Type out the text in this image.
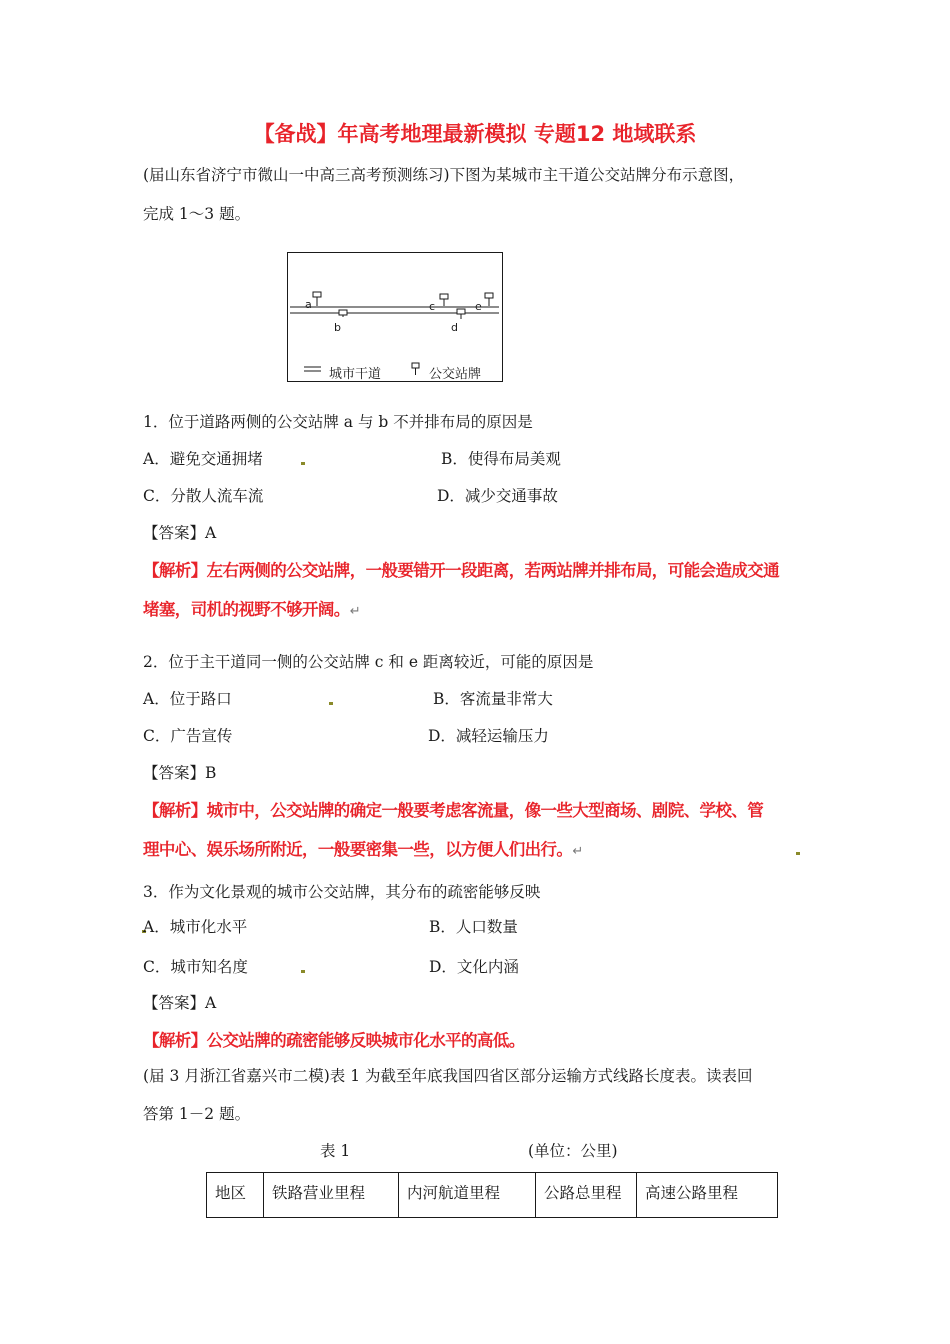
【备战】年高考地理最新模拟 专题12 地域联系
(届山东省济宁市微山一中高三高考预测练习)下图为某城市主干道公交站牌分布示意图，
完成 1～3 题。
a
b
c
d
e
城市干道	公交站牌
1．位于道路两侧的公交站牌 a 与 b 不并排布局的原因是
A．避免交通拥堵	B．使得布局美观
C．分散人流车流	D．减少交通事故
【答案】A
【解析】左右两侧的公交站牌，一般要错开一段距离，若两站牌并排布局，可能会造成交通
堵塞，司机的视野不够开阔。↵
2．位于主干道同一侧的公交站牌 c 和 e 距离较近，可能的原因是
A．位于路口	B．客流量非常大
C．广告宣传	D．减轻运输压力
【答案】B
【解析】城市中，公交站牌的确定一般要考虑客流量，像一些大型商场、剧院、学校、管
理中心、娱乐场所附近，一般要密集一些，以方便人们出行。↵
3．作为文化景观的城市公交站牌，其分布的疏密能够反映
A．城市化水平	B．人口数量
C．城市知名度	D．文化内涵
【答案】A
【解析】公交站牌的疏密能够反映城市化水平的高低。
(届 3 月浙江省嘉兴市二模)表 1 为截至年底我国四省区部分运输方式线路长度表。读表回
答第 1－2 题。
表 1	(单位：公里)
地区	铁路营业里程	内河航道里程	公路总里程	高速公路里程
